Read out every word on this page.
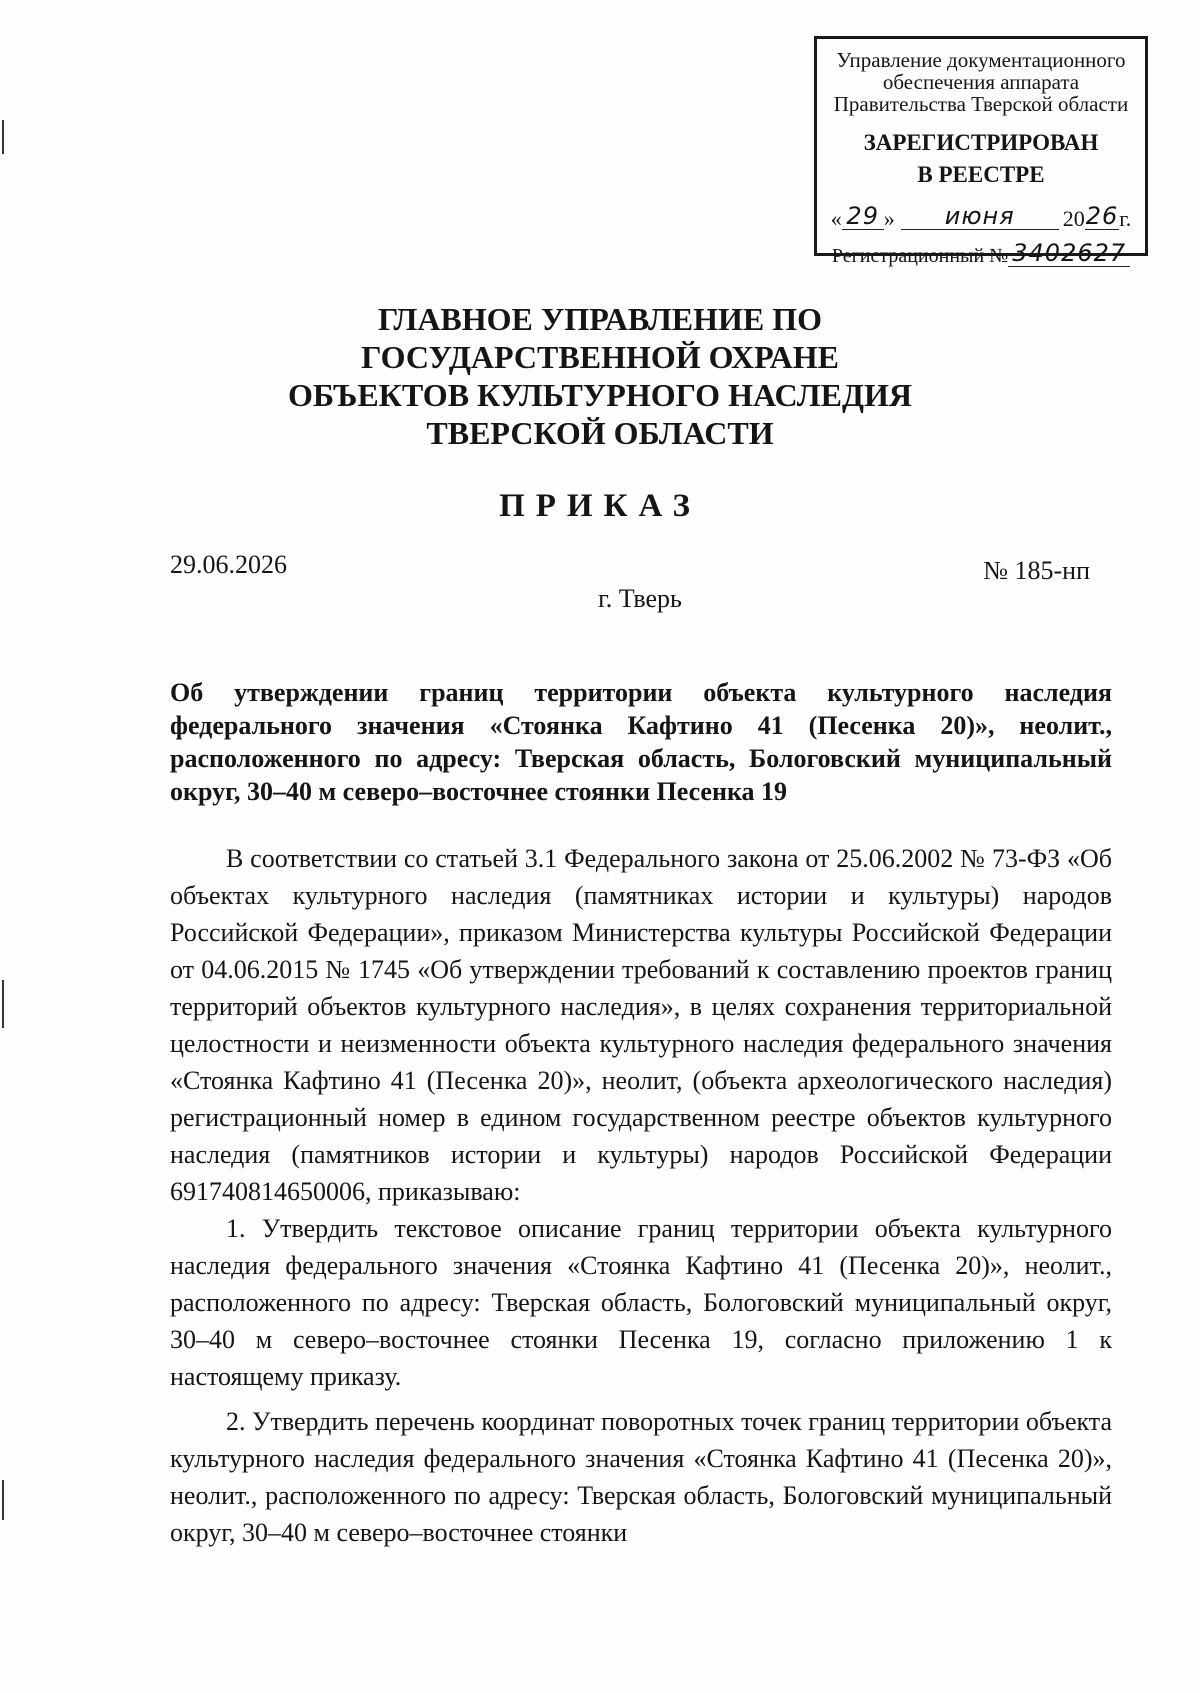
Управление документационного
обеспечения аппарата
Правительства Тверской области
ЗАРЕГИСТРИРОВАН
В РЕЕСТРЕ
« 29 »	июня	20 26 г.
Регистрационный № 3402627
ГЛАВНОЕ УПРАВЛЕНИЕ ПО
ГОСУДАРСТВЕННОЙ ОХРАНЕ
ОБЪЕКТОВ КУЛЬТУРНОГО НАСЛЕДИЯ
ТВЕРСКОЙ ОБЛАСТИ
ПРИКАЗ
29.06.2026	№ 185-нп
г. Тверь
Об утверждении границ территории объекта культурного наследия федерального значения «Стоянка Кафтино 41 (Песенка 20)», неолит., расположенного по адресу: Тверская область, Бологовский муниципальный округ, 30–40 м северо–восточнее стоянки Песенка 19

В соответствии со статьей 3.1 Федерального закона от 25.06.2002 № 73-ФЗ «Об объектах культурного наследия (памятниках истории и культуры) народов Российской Федерации», приказом Министерства культуры Российской Федерации от 04.06.2015 № 1745 «Об утверждении требований к составлению проектов границ территорий объектов культурного наследия», в целях сохранения территориальной целостности и неизменности объекта культурного наследия федерального значения «Стоянка Кафтино 41 (Песенка 20)», неолит, (объекта археологического наследия) регистрационный номер в едином государственном реестре объектов культурного наследия (памятников истории и культуры) народов Российской Федерации 691740814650006, приказываю:

1. Утвердить текстовое описание границ территории объекта культурного наследия федерального значения «Стоянка Кафтино 41 (Песенка 20)», неолит., расположенного по адресу: Тверская область, Бологовский муниципальный округ, 30–40 м северо–восточнее стоянки Песенка 19, согласно приложению 1 к настоящему приказу.

2. Утвердить перечень координат поворотных точек границ территории объекта культурного наследия федерального значения «Стоянка Кафтино 41 (Песенка 20)», неолит., расположенного по адресу: Тверская область, Бологовский муниципальный округ, 30–40 м северо–восточнее стоянки
